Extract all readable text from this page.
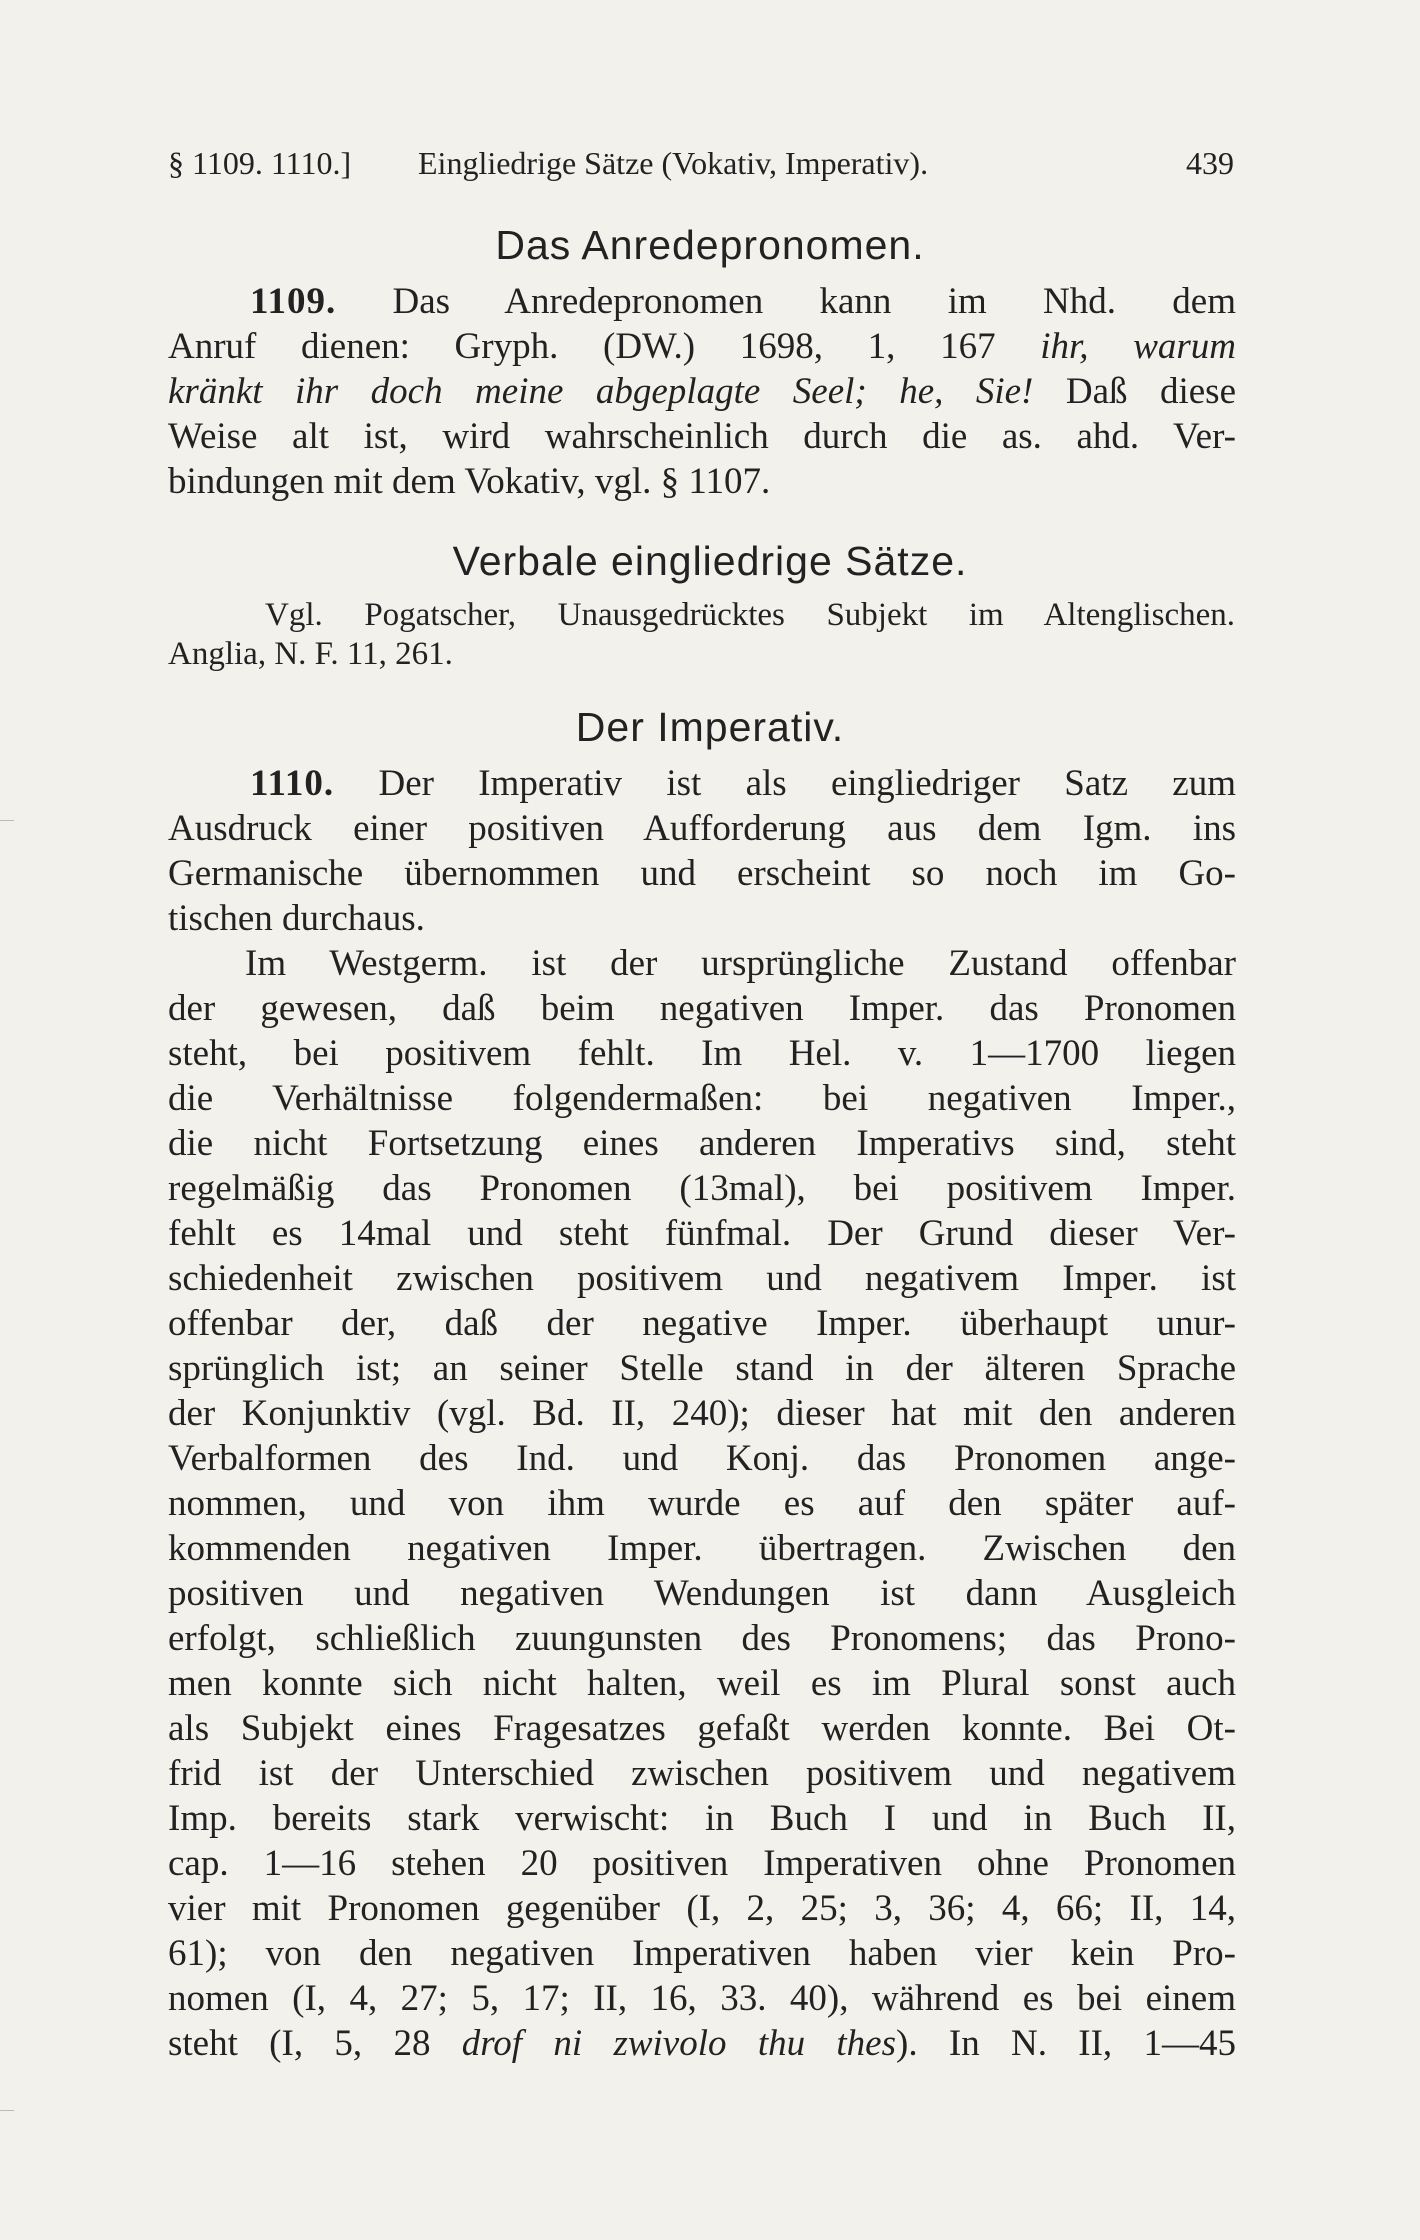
§ 1109. 1110.] Eingliedrige Sätze (Vokativ, Imperativ).	439
Das Anredepronomen.
1109. Das Anredepronomen kann im Nhd. dem
Anruf dienen: Gryph. (DW.) 1698, 1, 167 ihr, warum
kränkt ihr doch meine abgeplagte Seel; he, Sie! Daß diese
Weise alt ist, wird wahrscheinlich durch die as. ahd. Ver-
bindungen mit dem Vokativ, vgl. § 1107.
Verbale eingliedrige Sätze.
Vgl. Pogatscher, Unausgedrücktes Subjekt im Altenglischen.
Anglia, N. F. 11, 261.
Der Imperativ.
1110. Der Imperativ ist als eingliedriger Satz zum
Ausdruck einer positiven Aufforderung aus dem Igm. ins
Germanische übernommen und erscheint so noch im Go-
tischen durchaus.
Im Westgerm. ist der ursprüngliche Zustand offenbar
der gewesen, daß beim negativen Imper. das Pronomen
steht, bei positivem fehlt. Im Hel. v. 1—1700 liegen
die Verhältnisse folgendermaßen: bei negativen Imper.,
die nicht Fortsetzung eines anderen Imperativs sind, steht
regelmäßig das Pronomen (13mal), bei positivem Imper.
fehlt es 14mal und steht fünfmal. Der Grund dieser Ver-
schiedenheit zwischen positivem und negativem Imper. ist
offenbar der, daß der negative Imper. überhaupt unur-
sprünglich ist; an seiner Stelle stand in der älteren Sprache
der Konjunktiv (vgl. Bd. II, 240); dieser hat mit den anderen
Verbalformen des Ind. und Konj. das Pronomen ange-
nommen, und von ihm wurde es auf den später auf-
kommenden negativen Imper. übertragen. Zwischen den
positiven und negativen Wendungen ist dann Ausgleich
erfolgt, schließlich zuungunsten des Pronomens; das Prono-
men konnte sich nicht halten, weil es im Plural sonst auch
als Subjekt eines Fragesatzes gefaßt werden konnte. Bei Ot-
frid ist der Unterschied zwischen positivem und negativem
Imp. bereits stark verwischt: in Buch I und in Buch II,
cap. 1—16 stehen 20 positiven Imperativen ohne Pronomen
vier mit Pronomen gegenüber (I, 2, 25; 3, 36; 4, 66; II, 14,
61); von den negativen Imperativen haben vier kein Pro-
nomen (I, 4, 27; 5, 17; II, 16, 33. 40), während es bei einem
steht (I, 5, 28 drof ni zwivolo thu thes). In N. II, 1—45
